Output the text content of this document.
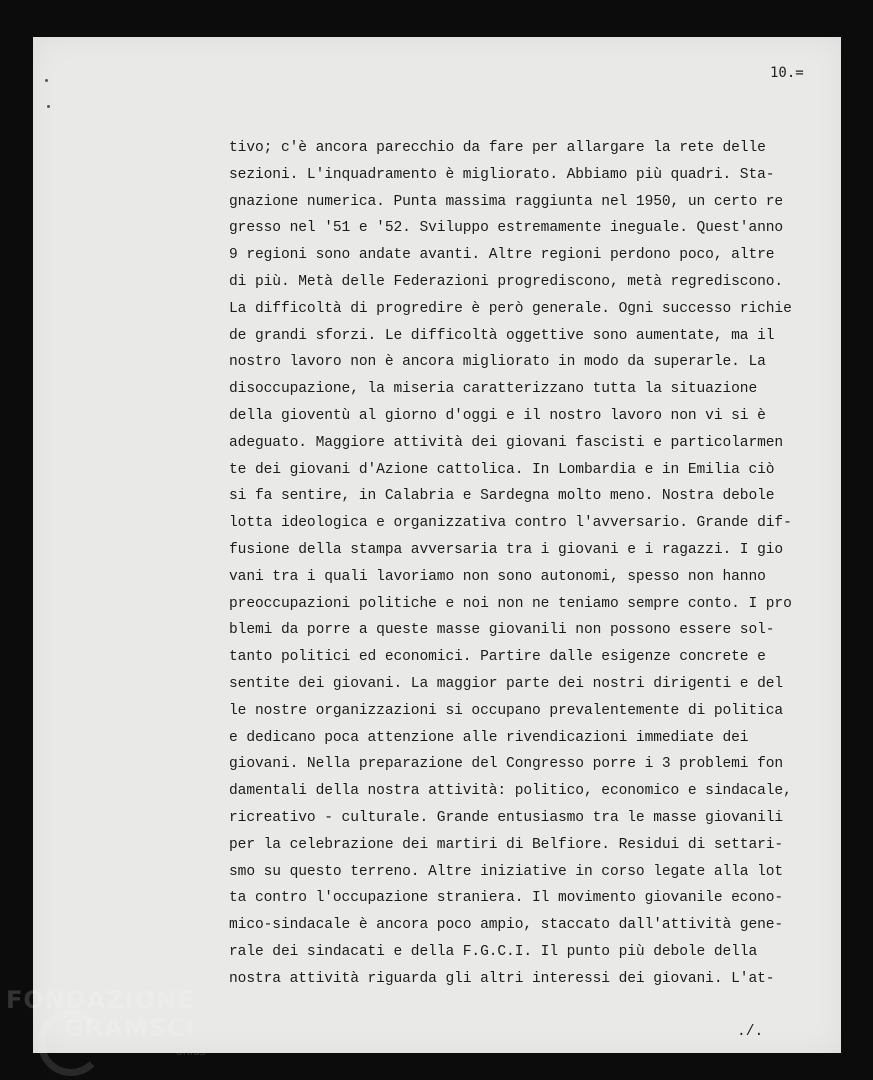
10.=
tivo; c'è ancora parecchio da fare per allargare la rete delle
sezioni. L'inquadramento è migliorato. Abbiamo più quadri. Sta-
gnazione numerica. Punta massima raggiunta nel 1950, un certo re
gresso nel '51 e '52. Sviluppo estremamente ineguale. Quest'anno
9 regioni sono andate avanti. Altre regioni perdono poco, altre
di più. Metà delle Federazioni progrediscono, metà regrediscono.
La difficoltà di progredire è però generale. Ogni successo richie
de grandi sforzi. Le difficoltà oggettive sono aumentate, ma il
nostro lavoro non è ancora migliorato in modo da superarle. La
disoccupazione, la miseria caratterizzano tutta la situazione
della gioventù al giorno d'oggi e il nostro lavoro non vi si è
adeguato. Maggiore attività dei giovani fascisti e particolarmen
te dei giovani d'Azione cattolica. In Lombardia e in Emilia ciò
si fa sentire, in Calabria e Sardegna molto meno. Nostra debole
lotta ideologica e organizzativa contro l'avversario. Grande dif-
fusione della stampa avversaria tra i giovani e i ragazzi. I gio
vani tra i quali lavoriamo non sono autonomi, spesso non hanno
preoccupazioni politiche e noi non ne teniamo sempre conto. I pro
blemi da porre a queste masse giovanili non possono essere sol-
tanto politici ed economici. Partire dalle esigenze concrete e
sentite dei giovani. La maggior parte dei nostri dirigenti e del
le nostre organizzazioni si occupano prevalentemente di politica
e dedicano poca attenzione alle rivendicazioni immediate dei
giovani. Nella preparazione del Congresso porre i 3 problemi fon
damentali della nostra attività: politico, economico e sindacale,
ricreativo - culturale. Grande entusiasmo tra le masse giovanili
per la celebrazione dei martiri di Belfiore. Residui di settari-
smo su questo terreno. Altre iniziative in corso legate alla lot
ta contro l'occupazione straniera. Il movimento giovanile econo-
mico-sindacale è ancora poco ampio, staccato dall'attività gene-
rale dei sindacati e della F.G.C.I. Il punto più debole della
nostra attività riguarda gli altri interessi dei giovani. L'at-
./.
FONDAZIONE
GRAMSCI
onlus
